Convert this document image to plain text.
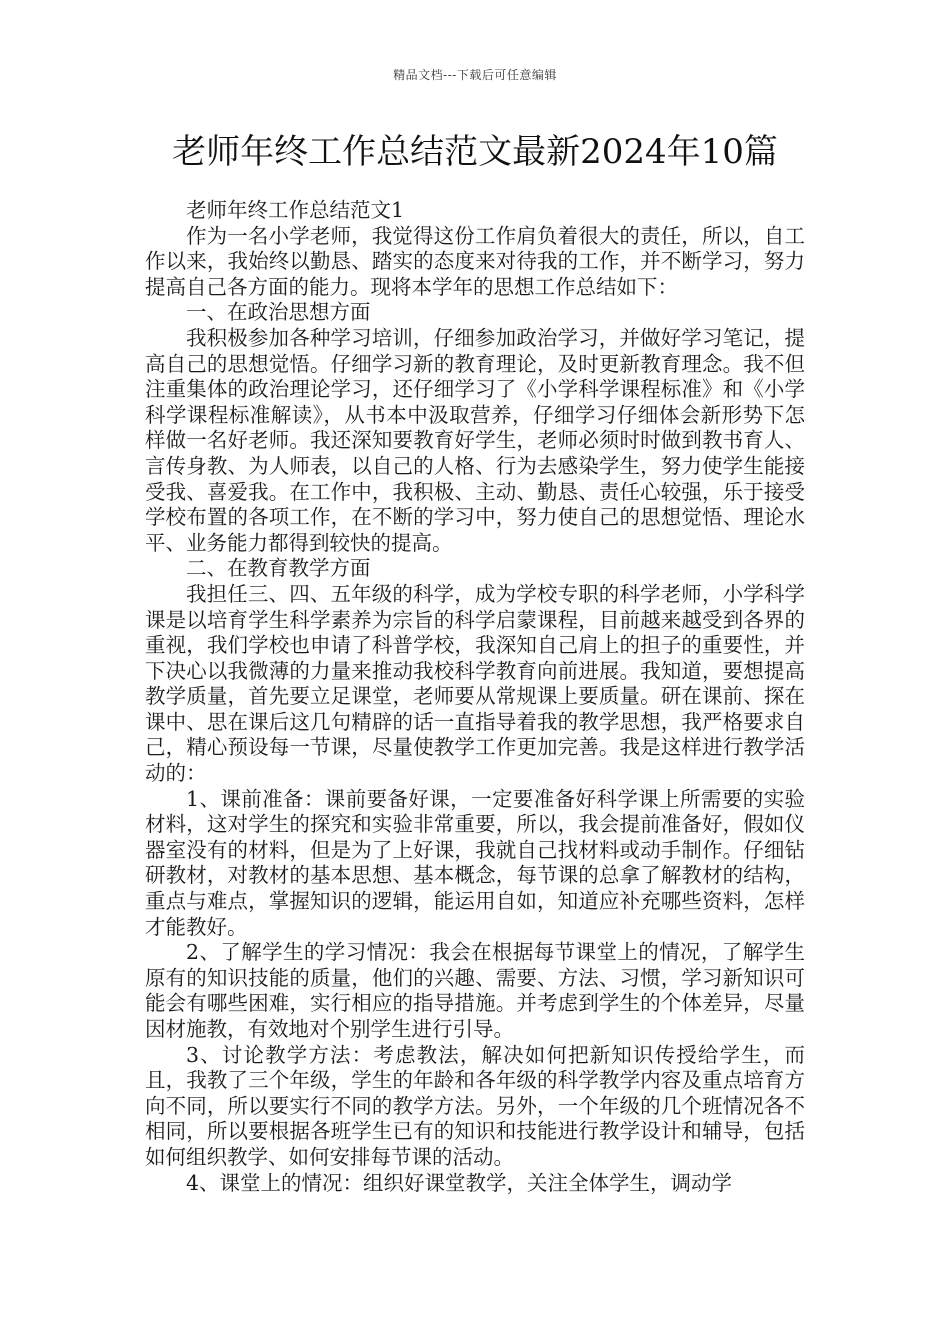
精品文档---下载后可任意编辑
老师年终工作总结范文最新2024年10篇

老师年终工作总结范文1

作为一名小学老师，我觉得这份工作肩负着很大的责任，所以，自工作以来，我始终以勤恳、踏实的态度来对待我的工作，并不断学习，努力提高自己各方面的能力。现将本学年的思想工作总结如下：

一、在政治思想方面

我积极参加各种学习培训，仔细参加政治学习，并做好学习笔记，提高自己的思想觉悟。仔细学习新的教育理论，及时更新教育理念。我不但注重集体的政治理论学习，还仔细学习了《小学科学课程标准》和《小学科学课程标准解读》，从书本中汲取营养，仔细学习仔细体会新形势下怎样做一名好老师。我还深知要教育好学生，老师必须时时做到教书育人、言传身教、为人师表，以自己的人格、行为去感染学生，努力使学生能接受我、喜爱我。在工作中，我积极、主动、勤恳、责任心较强，乐于接受学校布置的各项工作，在不断的学习中，努力使自己的思想觉悟、理论水平、业务能力都得到较快的提高。

二、在教育教学方面

我担任三、四、五年级的科学，成为学校专职的科学老师，小学科学课是以培育学生科学素养为宗旨的科学启蒙课程，目前越来越受到各界的重视，我们学校也申请了科普学校，我深知自己肩上的担子的重要性，并下决心以我微薄的力量来推动我校科学教育向前进展。我知道，要想提高教学质量，首先要立足课堂，老师要从常规课上要质量。研在课前、探在课中、思在课后这几句精辟的话一直指导着我的教学思想，我严格要求自己，精心预设每一节课，尽量使教学工作更加完善。我是这样进行教学活动的：

1、课前准备：课前要备好课，一定要准备好科学课上所需要的实验材料，这对学生的探究和实验非常重要，所以，我会提前准备好，假如仪器室没有的材料，但是为了上好课，我就自己找材料或动手制作。仔细钻研教材，对教材的基本思想、基本概念，每节课的总拿了解教材的结构，重点与难点，掌握知识的逻辑，能运用自如，知道应补充哪些资料，怎样才能教好。

2、了解学生的学习情况：我会在根据每节课堂上的情况，了解学生原有的知识技能的质量，他们的兴趣、需要、方法、习惯，学习新知识可能会有哪些困难，实行相应的指导措施。并考虑到学生的个体差异，尽量因材施教，有效地对个别学生进行引导。

3、讨论教学方法：考虑教法，解决如何把新知识传授给学生，而且，我教了三个年级，学生的年龄和各年级的科学教学内容及重点培育方向不同，所以要实行不同的教学方法。另外，一个年级的几个班情况各不相同，所以要根据各班学生已有的知识和技能进行教学设计和辅导，包括如何组织教学、如何安排每节课的活动。

4、课堂上的情况：组织好课堂教学，关注全体学生，调动学
